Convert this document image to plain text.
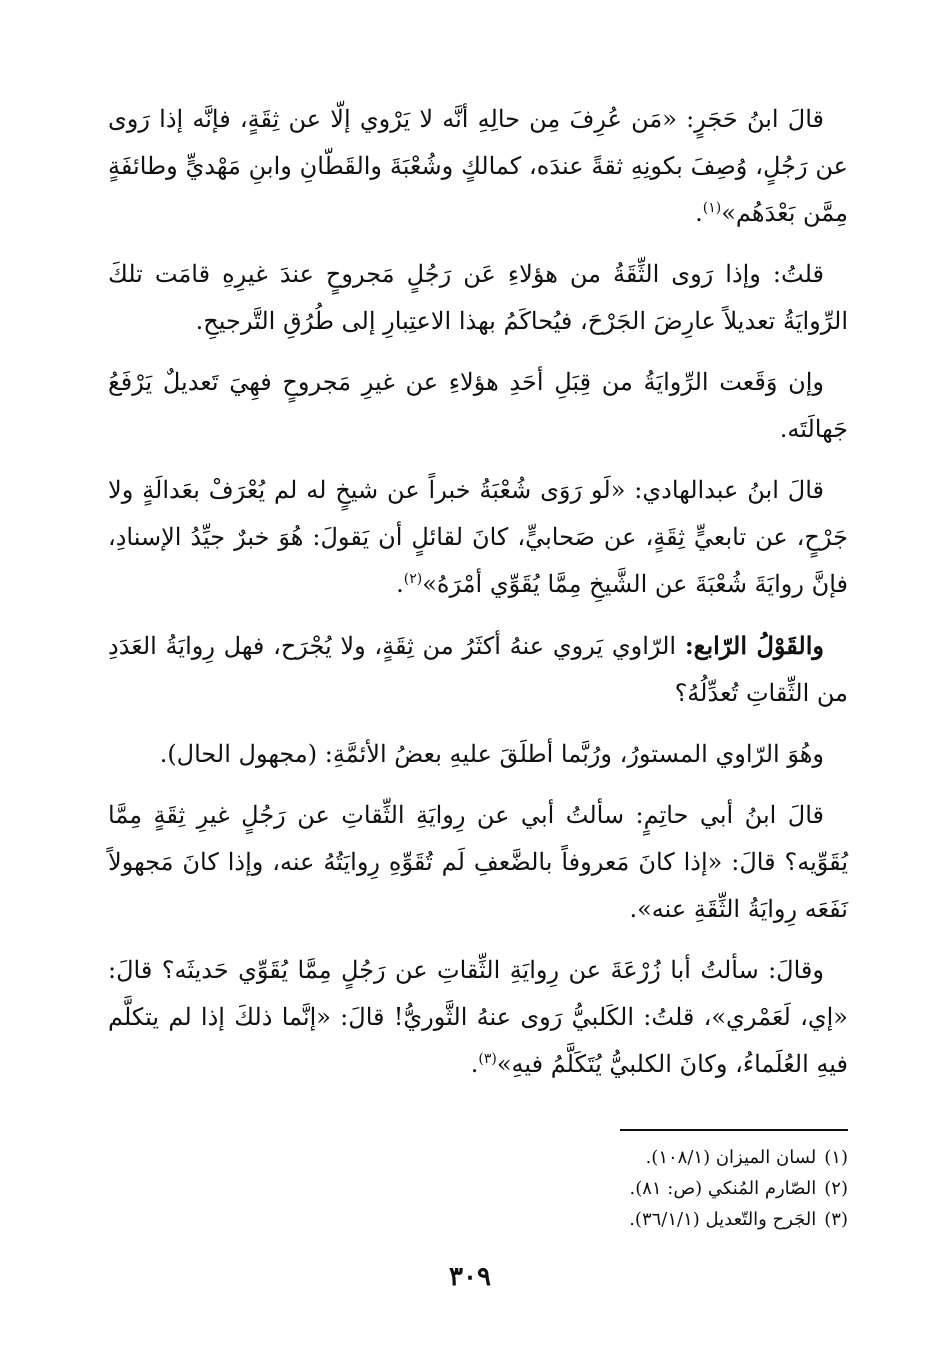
قالَ ابنُ حَجَرٍ: «مَن عُرِفَ مِن حالِهِ أنَّه لا يَرْوي إلّا عن ثِقَةٍ، فإنَّه إذا رَوى عن رَجُلٍ، وُصِفَ بكونِهِ ثقةً عندَه، كمالكٍ وشُعْبَةَ والقَطّانِ وابنِ مَهْديٍّ وطائفَةٍ مِمَّن بَعْدَهُم»$^{(١)}$.

قلتُ: وإذا رَوى الثِّقَةُ من هؤلاءِ عَن رَجُلٍ مَجروحٍ عندَ غيرِهِ قامَت تلكَ الرِّوايَةُ تعديلاً عارِضَ الجَرْحَ، فيُحاكَمُ بهذا الاعتِبارِ إلى طُرُقِ التَّرجيحِ.

وإن وَقَعت الرِّوايَةُ من قِبَلِ أحَدِ هؤلاءِ عن غيرِ مَجروحٍ فهِيَ تَعديلٌ يَرْفَعُ جَهالَتَه.

قالَ ابنُ عبدالهادي: «لَو رَوَى شُعْبَةُ خبراً عن شيخٍ له لم يُعْرَفْ بعَدالَةٍ ولا جَرْحٍ، عن تابعيٍّ ثِقَةٍ، عن صَحابيٍّ، كانَ لقائلٍ أن يَقولَ: هُوَ خبرٌ جيِّدُ الإسنادِ، فإنَّ روايَةَ شُعْبَةَ عن الشَّيخِ مِمَّا يُقَوِّي أمْرَهُ»$^{(٢)}$.

والقَوْلُ الرّابع: الرّاوي يَروي عنهُ أكثَرُ من ثِقَةٍ، ولا يُجْرَح، فهل رِوايَةُ العَدَدِ من الثِّقاتِ تُعدِّلُهُ؟

وهُوَ الرّاوي المستورُ، ورُبَّما أطلَقَ عليهِ بعضُ الأئمَّةِ: (مجهول الحال).

قالَ ابنُ أبي حاتِمٍ: سألتُ أبي عن رِوايَةِ الثِّقاتِ عن رَجُلٍ غيرِ ثِقَةٍ مِمَّا يُقَوِّيه؟ قالَ: «إذا كانَ مَعروفاً بالضَّعفِ لَم تُقَوِّهِ رِوايَتُهُ عنه، وإذا كانَ مَجهولاً نَفَعَه رِوايَةُ الثِّقَةِ عنه».

وقالَ: سألتُ أبا زُرْعَةَ عن رِوايَةِ الثِّقاتِ عن رَجُلٍ مِمَّا يُقَوِّي حَديثَه؟ قالَ: «إي، لَعَمْري»، قلتُ: الكَلبيُّ رَوى عنهُ الثَّوريُّ! قالَ: «إنَّما ذلكَ إذا لم يتكلَّم فيهِ العُلَماءُ، وكانَ الكلبيُّ يُتَكَلَّمُ فيهِ»$^{(٣)}$.

(١)لسان الميزان (١٠٨/١).

(٢)الصّارم المُنكي (ص: ٨١).

(٣)الجَرح والتّعديل (٣٦/١/١).

٣٠٩
